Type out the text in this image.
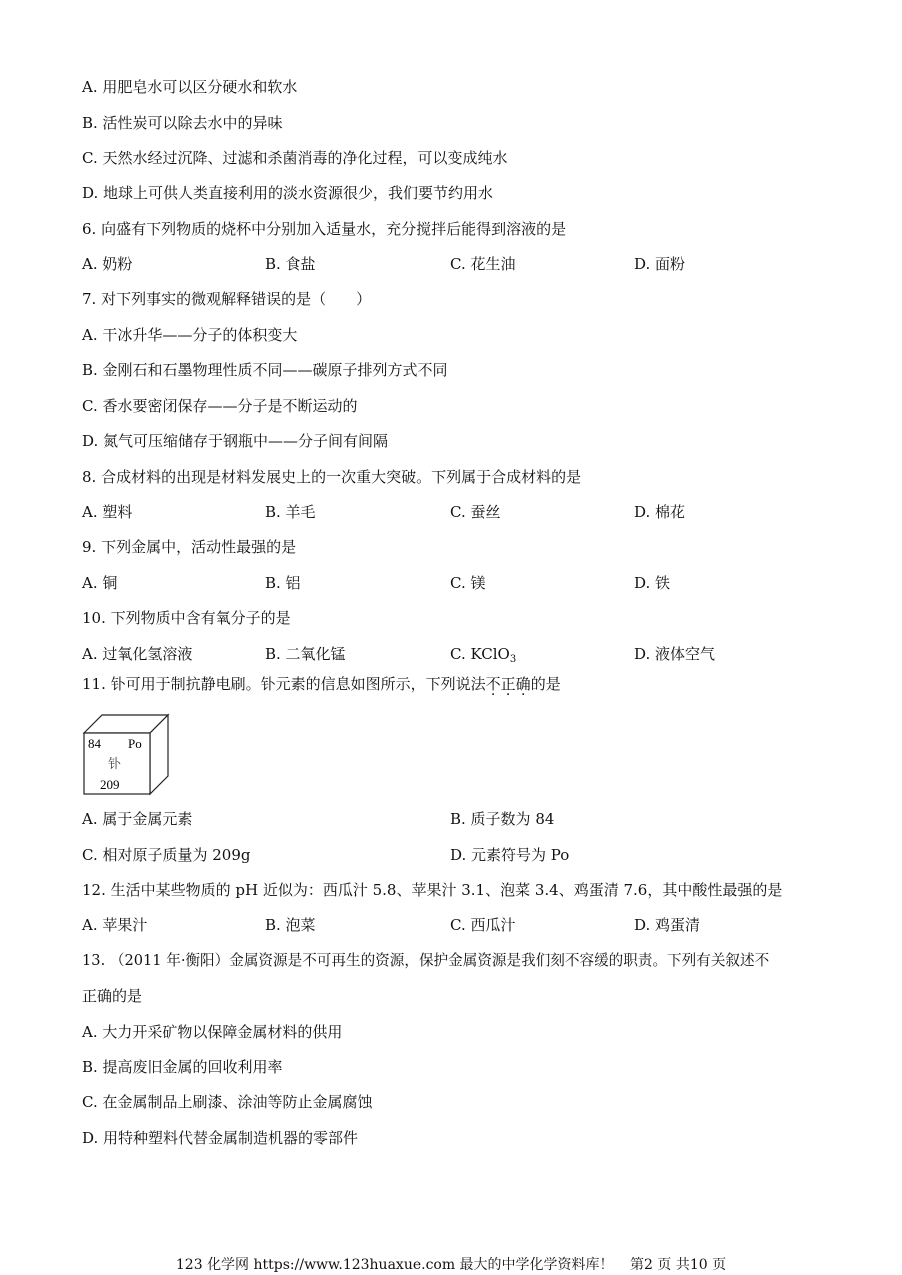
A. 用肥皂水可以区分硬水和软水
B. 活性炭可以除去水中的异味
C. 天然水经过沉降、过滤和杀菌消毒的净化过程，可以变成纯水
D. 地球上可供人类直接利用的淡水资源很少，我们要节约用水
6. 向盛有下列物质的烧杯中分别加入适量水，充分搅拌后能得到溶液的是
A. 奶粉	B. 食盐	C. 花生油	D. 面粉
7. 对下列事实的微观解释错误的是（　　）
A. 干冰升华——分子的体积变大
B. 金刚石和石墨物理性质不同——碳原子排列方式不同
C. 香水要密闭保存——分子是不断运动的
D. 氮气可压缩储存于钢瓶中——分子间有间隔
8. 合成材料的出现是材料发展史上的一次重大突破。下列属于合成材料的是
A. 塑料	B. 羊毛	C. 蚕丝	D. 棉花
9. 下列金属中，活动性最强的是
A. 铜	B. 铝	C. 镁	D. 铁
10. 下列物质中含有氧分子的是
A. 过氧化氢溶液	B. 二氧化锰	C. KClO$_3$	D. 液体空气
11. 钋可用于制抗静电刷。钋元素的信息如图所示，下列说法不正确的是
84 Po
钋
209
A. 属于金属元素	B. 质子数为 84
C. 相对原子质量为 209g	D. 元素符号为 Po
12. 生活中某些物质的 pH 近似为：西瓜汁 5.8、苹果汁 3.1、泡菜 3.4、鸡蛋清 7.6，其中酸性最强的是
A. 苹果汁	B. 泡菜	C. 西瓜汁	D. 鸡蛋清
13. （2011 年·衡阳）金属资源是不可再生的资源，保护金属资源是我们刻不容缓的职责。下列有关叙述不
正确的是
A. 大力开采矿物以保障金属材料的供用
B. 提高废旧金属的回收利用率
C. 在金属制品上刷漆、涂油等防止金属腐蚀
D. 用特种塑料代替金属制造机器的零部件
123 化学网 https://www.123huaxue.com 最大的中学化学资料库！ 第2 页 共10 页
